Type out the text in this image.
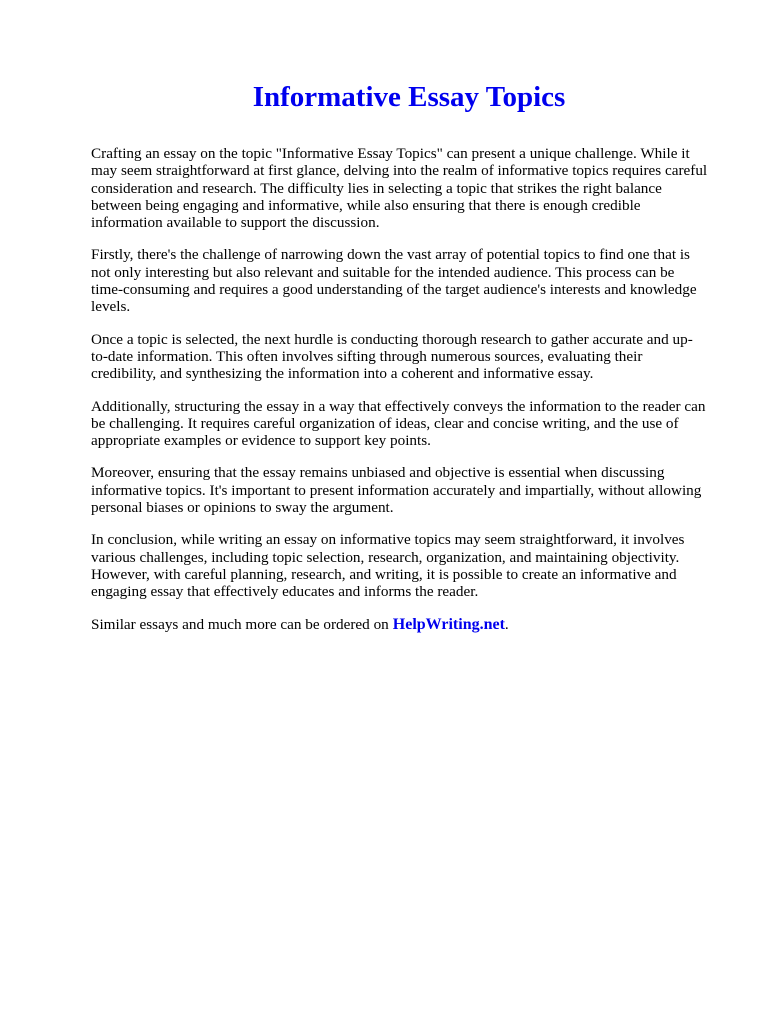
Informative Essay Topics

Crafting an essay on the topic "Informative Essay Topics" can present a unique challenge. While it
may seem straightforward at first glance, delving into the realm of informative topics requires careful
consideration and research. The difficulty lies in selecting a topic that strikes the right balance
between being engaging and informative, while also ensuring that there is enough credible
information available to support the discussion.

Firstly, there's the challenge of narrowing down the vast array of potential topics to find one that is
not only interesting but also relevant and suitable for the intended audience. This process can be
time-consuming and requires a good understanding of the target audience's interests and knowledge
levels.

Once a topic is selected, the next hurdle is conducting thorough research to gather accurate and up-
to-date information. This often involves sifting through numerous sources, evaluating their
credibility, and synthesizing the information into a coherent and informative essay.

Additionally, structuring the essay in a way that effectively conveys the information to the reader can
be challenging. It requires careful organization of ideas, clear and concise writing, and the use of
appropriate examples or evidence to support key points.

Moreover, ensuring that the essay remains unbiased and objective is essential when discussing
informative topics. It's important to present information accurately and impartially, without allowing
personal biases or opinions to sway the argument.

In conclusion, while writing an essay on informative topics may seem straightforward, it involves
various challenges, including topic selection, research, organization, and maintaining objectivity.
However, with careful planning, research, and writing, it is possible to create an informative and
engaging essay that effectively educates and informs the reader.

Similar essays and much more can be ordered on HelpWriting.net.
